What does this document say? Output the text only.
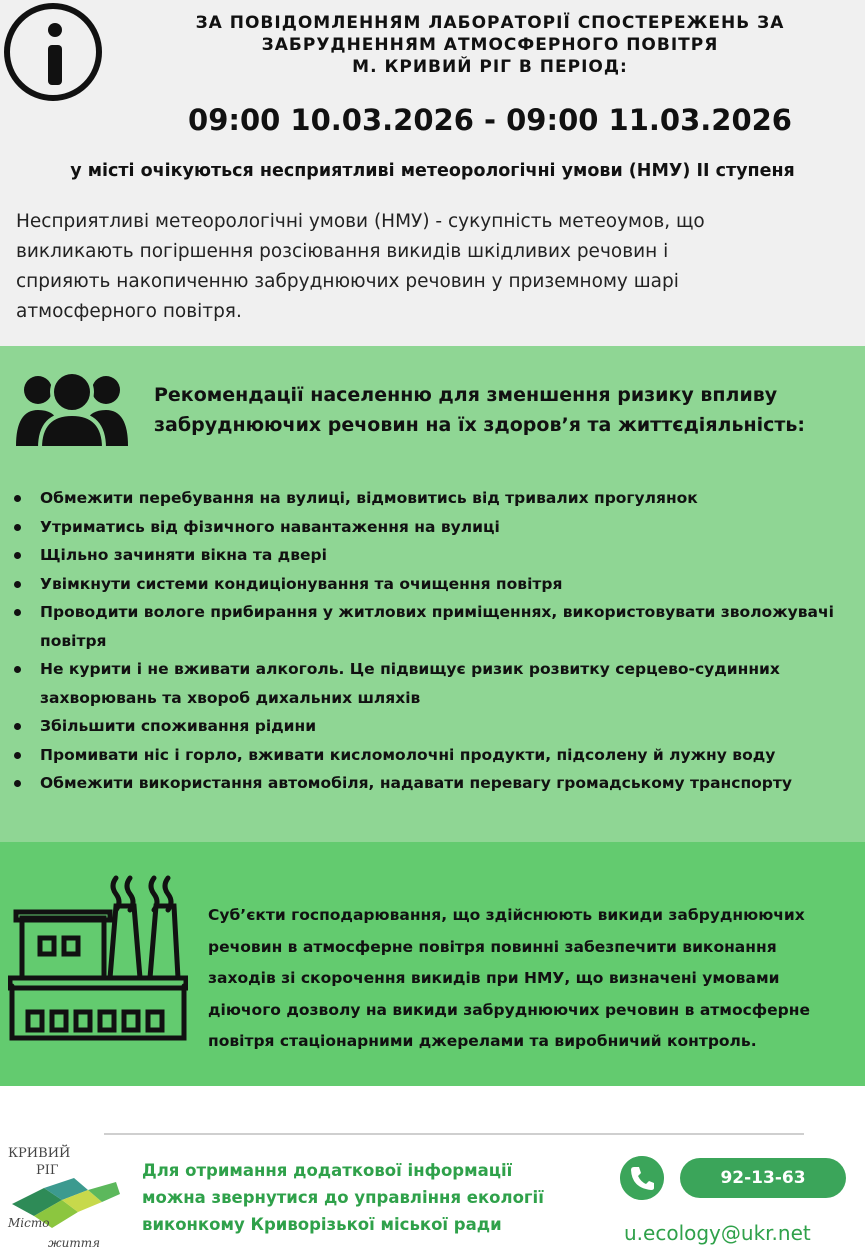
ЗА ПОВІДОМЛЕННЯМ ЛАБОРАТОРІЇ СПОСТЕРЕЖЕНЬ ЗА
ЗАБРУДНЕННЯМ АТМОСФЕРНОГО ПОВІТРЯ
М. КРИВИЙ РІГ В ПЕРІОД:
09:00 10.03.2026 - 09:00 11.03.2026
у місті очікуються несприятливі метеорологічні умови (НМУ) ІІ ступеня
Несприятливі метеорологічні умови (НМУ) - сукупність метеоумов, що
викликають погіршення розсіювання викидів шкідливих речовин і
сприяють накопиченню забруднюючих речовин у приземному шарі
атмосферного повітря.
Рекомендації населенню для зменшення ризику впливу
забруднюючих речовин на їх здоров’я та життєдіяльність:
Обмежити перебування на вулиці, відмовитись від тривалих прогулянок
Утриматись від фізичного навантаження на вулиці
Щільно зачиняти вікна та двері
Увімкнути системи кондиціонування та очищення повітря
Проводити вологе прибирання у житлових приміщеннях, використовувати зволожувачі повітря
Не курити і не вживати алкоголь. Це підвищує ризик розвитку серцево-судинних захворювань та хвороб дихальних шляхів
Збільшити споживання рідини
Промивати ніс і горло, вживати кисломолочні продукти, підсолену й лужну воду
Обмежити використання автомобіля, надавати перевагу громадському транспорту
Суб’єкти господарювання, що здійснюють викиди забруднюючих
речовин в атмосферне повітря повинні забезпечити виконання
заходів зі скорочення викидів при НМУ, що визначені умовами
діючого дозволу на викиди забруднюючих речовин в атмосферне
повітря стаціонарними джерелами та виробничий контроль.
КРИВИЙ
РІГ
Місто
життя
Для отримання додаткової інформації
можна звернутися до управління екології
виконкому Криворізької міської ради
92-13-63
u.ecology@ukr.net
